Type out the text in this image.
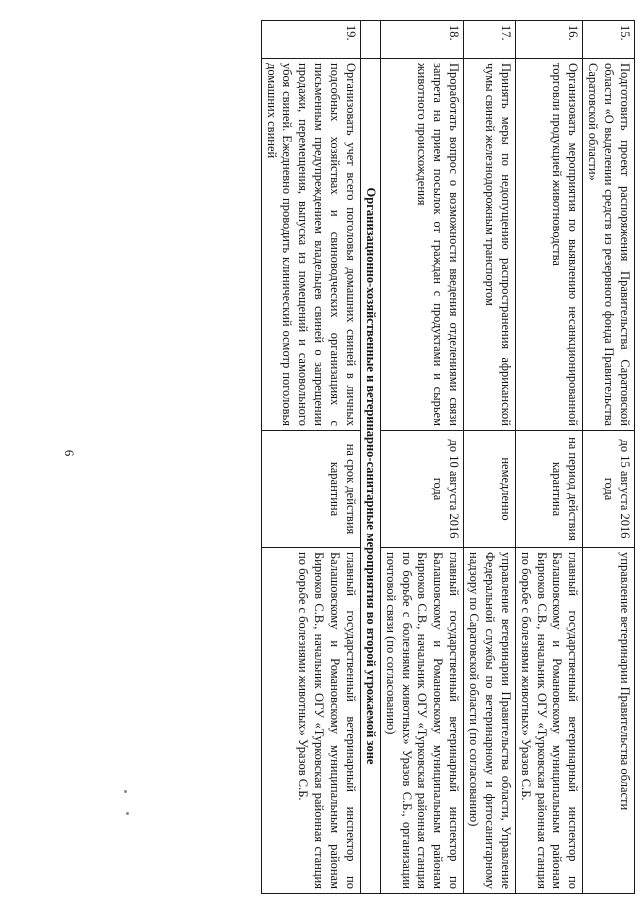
6
15.	Подготовить проект распоряжения Правительства Саратовской области «О выделении средств из резервного фонда Правительства Саратовской области»	до 15 августа 2016 года	управление ветеринарии Правительства области
16.	Организовать мероприятия по выявлению несанкционированной торговли продукцией животноводства	на период действия карантина	главный государственный ветеринарный инспектор по Балашовскому и Романовскому муниципальным районам Бирюков С.В., начальник ОГУ «Турковская районная станция по борьбе с болезнями животных» Уразов С.Б.
17.	Принять меры по недопущению распространения африканской чумы свиней железнодорожным транспортом	немедленно	управление ветеринарии Правительства области, Управление Федеральной службы по ветеринарному и фитосанитарному надзору по Саратовской области (по согласованию)
18.	Проработать вопрос о возможности введения отделениями связи запрета на прием посылок от граждан с продуктами и сырьем животного происхождения	до 10 августа 2016 года	главный государственный ветеринарный инспектор по Балашовскому и Романовскому муниципальным районам Бирюков С.В., начальник ОГУ «Турковская районная станция по борьбе с болезнями животных» Уразов С.Б., организации почтовой связи (по согласованию)
	Организационно-хозяйственные и ветеринарно-санитарные мероприятия во второй угрожаемой зоне		
19.	Организовать учет всего поголовья домашних свиней в личных подсобных хозяйствах и свиноводческих организациях с письменным предупреждением владельцев свиней о запрещении продажи, перемещения, выпуска из помещений и самовольного убоя свиней. Ежедневно проводить клинический осмотр поголовья домашних свиней	на срок действия карантина	главный государственный ветеринарный инспектор по Балашовскому и Романовскому муниципальным районам Бирюков С.В., начальник ОГУ «Турковская районная станция по борьбе с болезнями животных» Уразов С.Б.
